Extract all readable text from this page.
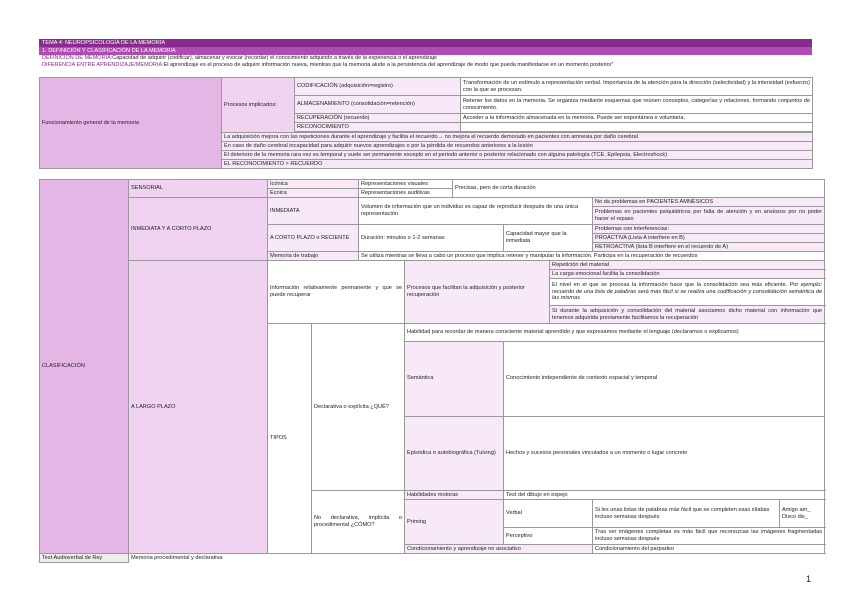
TEMA 4: NEUROPSICOLOGÍA DE LA MEMORIA
1. DEFINICIÓN Y CLASIFICACIÓN DE LA MEMORIA
DEFINICIÓN DE MEMORIA:Capacidad de adquirir (codificar), almacenar y evocar (recordar) el conocimiento adquirido a través de la experiencia o el aprendizaje
DIFERENCIA ENTRE APRENDIZAJE/MEMORIA:El aprendizaje es el proceso de adquirir información nueva, mientras que la memoria alude a la persistencia del aprendizaje de modo que pueda manifestarse en un momento posterior”
Funcionamiento general de la memoria	Procesos implicados:	CODIFICACIÓN (adquisición=registro)	Transformación de un estímulo a representación verbal. Importancia de la atención para la dirección (selectividad) y la intensidad (esfuerzo) con la que se procesan.
		ALMACENAMIENTO (consolidación=retención)	Retener los datos en la memoria. Se organiza mediante esquemas que reúnen conceptos, categorías y relaciones, formando conjuntos de conocimiento.
		RECUPERACIÓN (recuerdo)	Acceder a la información almacenada en la memoria. Puede ser espontánea o voluntaria.
		RECONOCIMIENTO	

	La adquisición mejora con las repeticiones durante el aprendizaje y facilita el recuerdo→ no mejora el recuerdo demorado en pacientes con amnesia por daño cerebral		
	En caso de daño cerebral incapacidad para adquirir nuevos aprendizajes o por la pérdida de recuerdos anteriores a la lesión		
	El deterioro de la memoria rara vez es temporal y suele ser permanente excepto en el periodo anterior o posterior relacionado con alguna patología (TCE, Epilepsia, Electroshock)		
	EL RECONOCIMIENTO > RECUERDO		
CLASIFICACIÓN	SENSORIAL	Icónica		Representaciones visuales		Precisas, pero de corta duración					
		Ecoica		Representaciones auditivas							
	INMEDIATA Y A CORTO PLAZO	INMEDIATA		Volumen de información que un individuo es capaz de reproducir después de una única representación					No da problemas en PACIENTES AMNÉSICOS		
									Problemas en pacientes psiquiátricos por falta de atención y en ansiosos por no poder hacer el repaso		

		A CORTO PLAZO o RECIENTE		Duración: minutos o 1-2 semanas			Capacidad mayor que la inmediata		Problemas con interferencias:		
									PROACTIVA (Lista A interfiere en B)		
									RETROACTIVA (lista B interfiere en el recuerdo de A)		
		Memoria de trabajo		Se utiliza mientras se lleva a cabo un proceso que implica retener y manipular la información. Participa en la recuperación de recuerdos							
	A LARGO PLAZO	Información relativamente permanente y que se puede recuperar			Procesos que facilitan la adquisición y posterior recuperación			Repetición del material			
								La carga emocional facilita la consolidación			
								El nivel en el que se procesa la información hace que la consolidación sea más eficiente. Por ejemplo: recuerdo de una lista de palabras será más fácil si se realiza una codificación y consolidación semántica de las mismas			

								Si durante la adquisición y consolidación del material asociamos dicho material con información que tenemos adquirida previamente facilitamos la recuperación			

		TIPOS	Declarativa o explícita ¿QUÉ?		Habilidad para recordar de manera consciente material aprendido y que expresamos mediante el lenguaje (declaramos o explicamos)						

					Semántica		Conocimiento independiente de contexto espacial y temporal	
					Episódica o autobiográfica (Tulving)		Hechos y sucesos personales vinculados a un momento o lugar concreto	

			No declarativa, implícita o procedimental ¿CÓMO?		Habilidades motoras		Test del dibujo en espejo				
					Priming		Verbal		Si les unas listas de palabras más fácil que se completen esas sílabas incluso semanas después	Amigo am_
Disco dis_	

							Perceptivo		Tras ver imágenes completas es más fácil que reconozcas las imágenes fragmentadas incluso semanas después		
					Condicionamiento y aprendizaje no asociativo				Condicionamiento del parpadeo		
Test Audioverbal de Rey	Memoria procedimental y declarativa										
1
